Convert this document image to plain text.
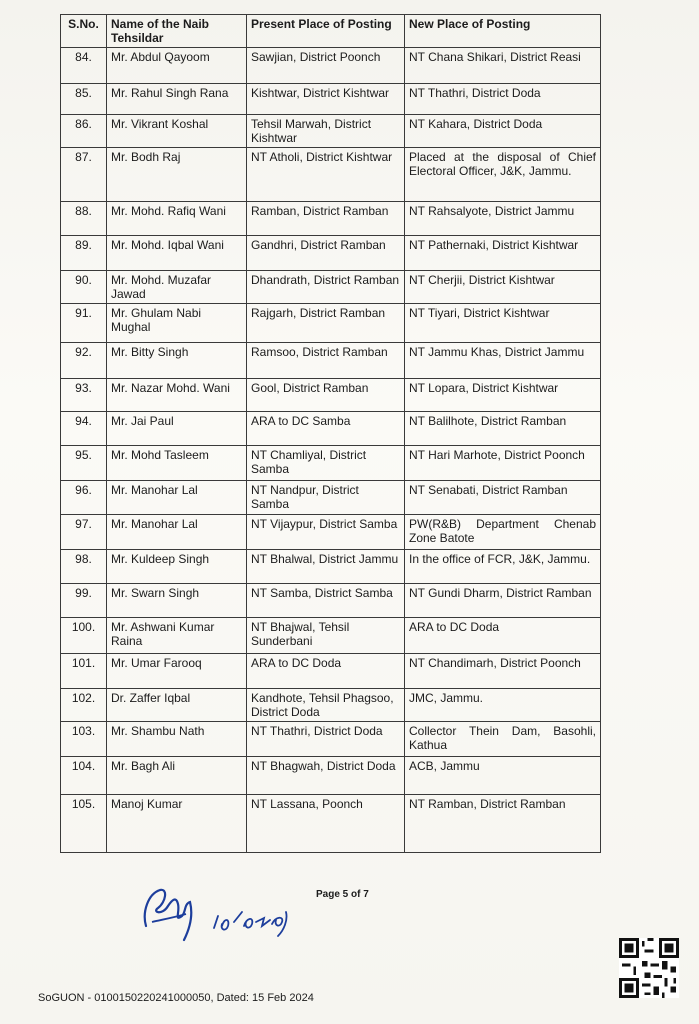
S.No.	Name of the Naib Tehsildar	Present Place of Posting	New Place of Posting
84.	Mr. Abdul Qayoom	Sawjian, District Poonch	NT Chana Shikari, District Reasi
85.	Mr. Rahul Singh Rana	Kishtwar, District Kishtwar	NT Thathri, District Doda
86.	Mr. Vikrant Koshal	Tehsil Marwah, District Kishtwar	NT Kahara, District Doda
87.	Mr. Bodh Raj	NT Atholi, District Kishtwar	Placed at the disposal of Chief Electoral Officer, J&K, Jammu.
88.	Mr. Mohd. Rafiq Wani	Ramban, District Ramban	NT Rahsalyote, District Jammu
89.	Mr. Mohd. Iqbal Wani	Gandhri, District Ramban	NT Pathernaki, District Kishtwar
90.	Mr. Mohd. Muzafar Jawad	Dhandrath, District Ramban	NT Cherjii, District Kishtwar
91.	Mr. Ghulam Nabi Mughal	Rajgarh, District Ramban	NT Tiyari, District Kishtwar
92.	Mr. Bitty Singh	Ramsoo, District Ramban	NT Jammu Khas, District Jammu
93.	Mr. Nazar Mohd. Wani	Gool, District Ramban	NT Lopara, District Kishtwar
94.	Mr. Jai Paul	ARA to DC Samba	NT Balilhote, District Ramban
95.	Mr. Mohd Tasleem	NT Chamliyal, District Samba	NT Hari Marhote, District Poonch
96.	Mr. Manohar Lal	NT Nandpur, District Samba	NT Senabati, District Ramban
97.	Mr. Manohar Lal	NT Vijaypur, District Samba	PW(R&B) Department Chenab Zone Batote
98.	Mr. Kuldeep Singh	NT Bhalwal, District Jammu	In the office of FCR, J&K, Jammu.
99.	Mr. Swarn Singh	NT Samba, District Samba	NT Gundi Dharm, District Ramban
100.	Mr. Ashwani Kumar Raina	NT Bhajwal, Tehsil Sunderbani	ARA to DC Doda
101.	Mr. Umar Farooq	ARA to DC Doda	NT Chandimarh, District Poonch
102.	Dr. Zaffer Iqbal	Kandhote, Tehsil Phagsoo, District Doda	JMC, Jammu.
103.	Mr. Shambu Nath	NT Thathri, District Doda	Collector Thein Dam, Basohli, Kathua
104.	Mr. Bagh Ali	NT Bhagwah, District Doda	ACB, Jammu
105.	Manoj Kumar	NT Lassana, Poonch	NT Ramban, District Ramban
Page 5 of 7
SoGUON - 0100150220241000050, Dated: 15 Feb 2024
